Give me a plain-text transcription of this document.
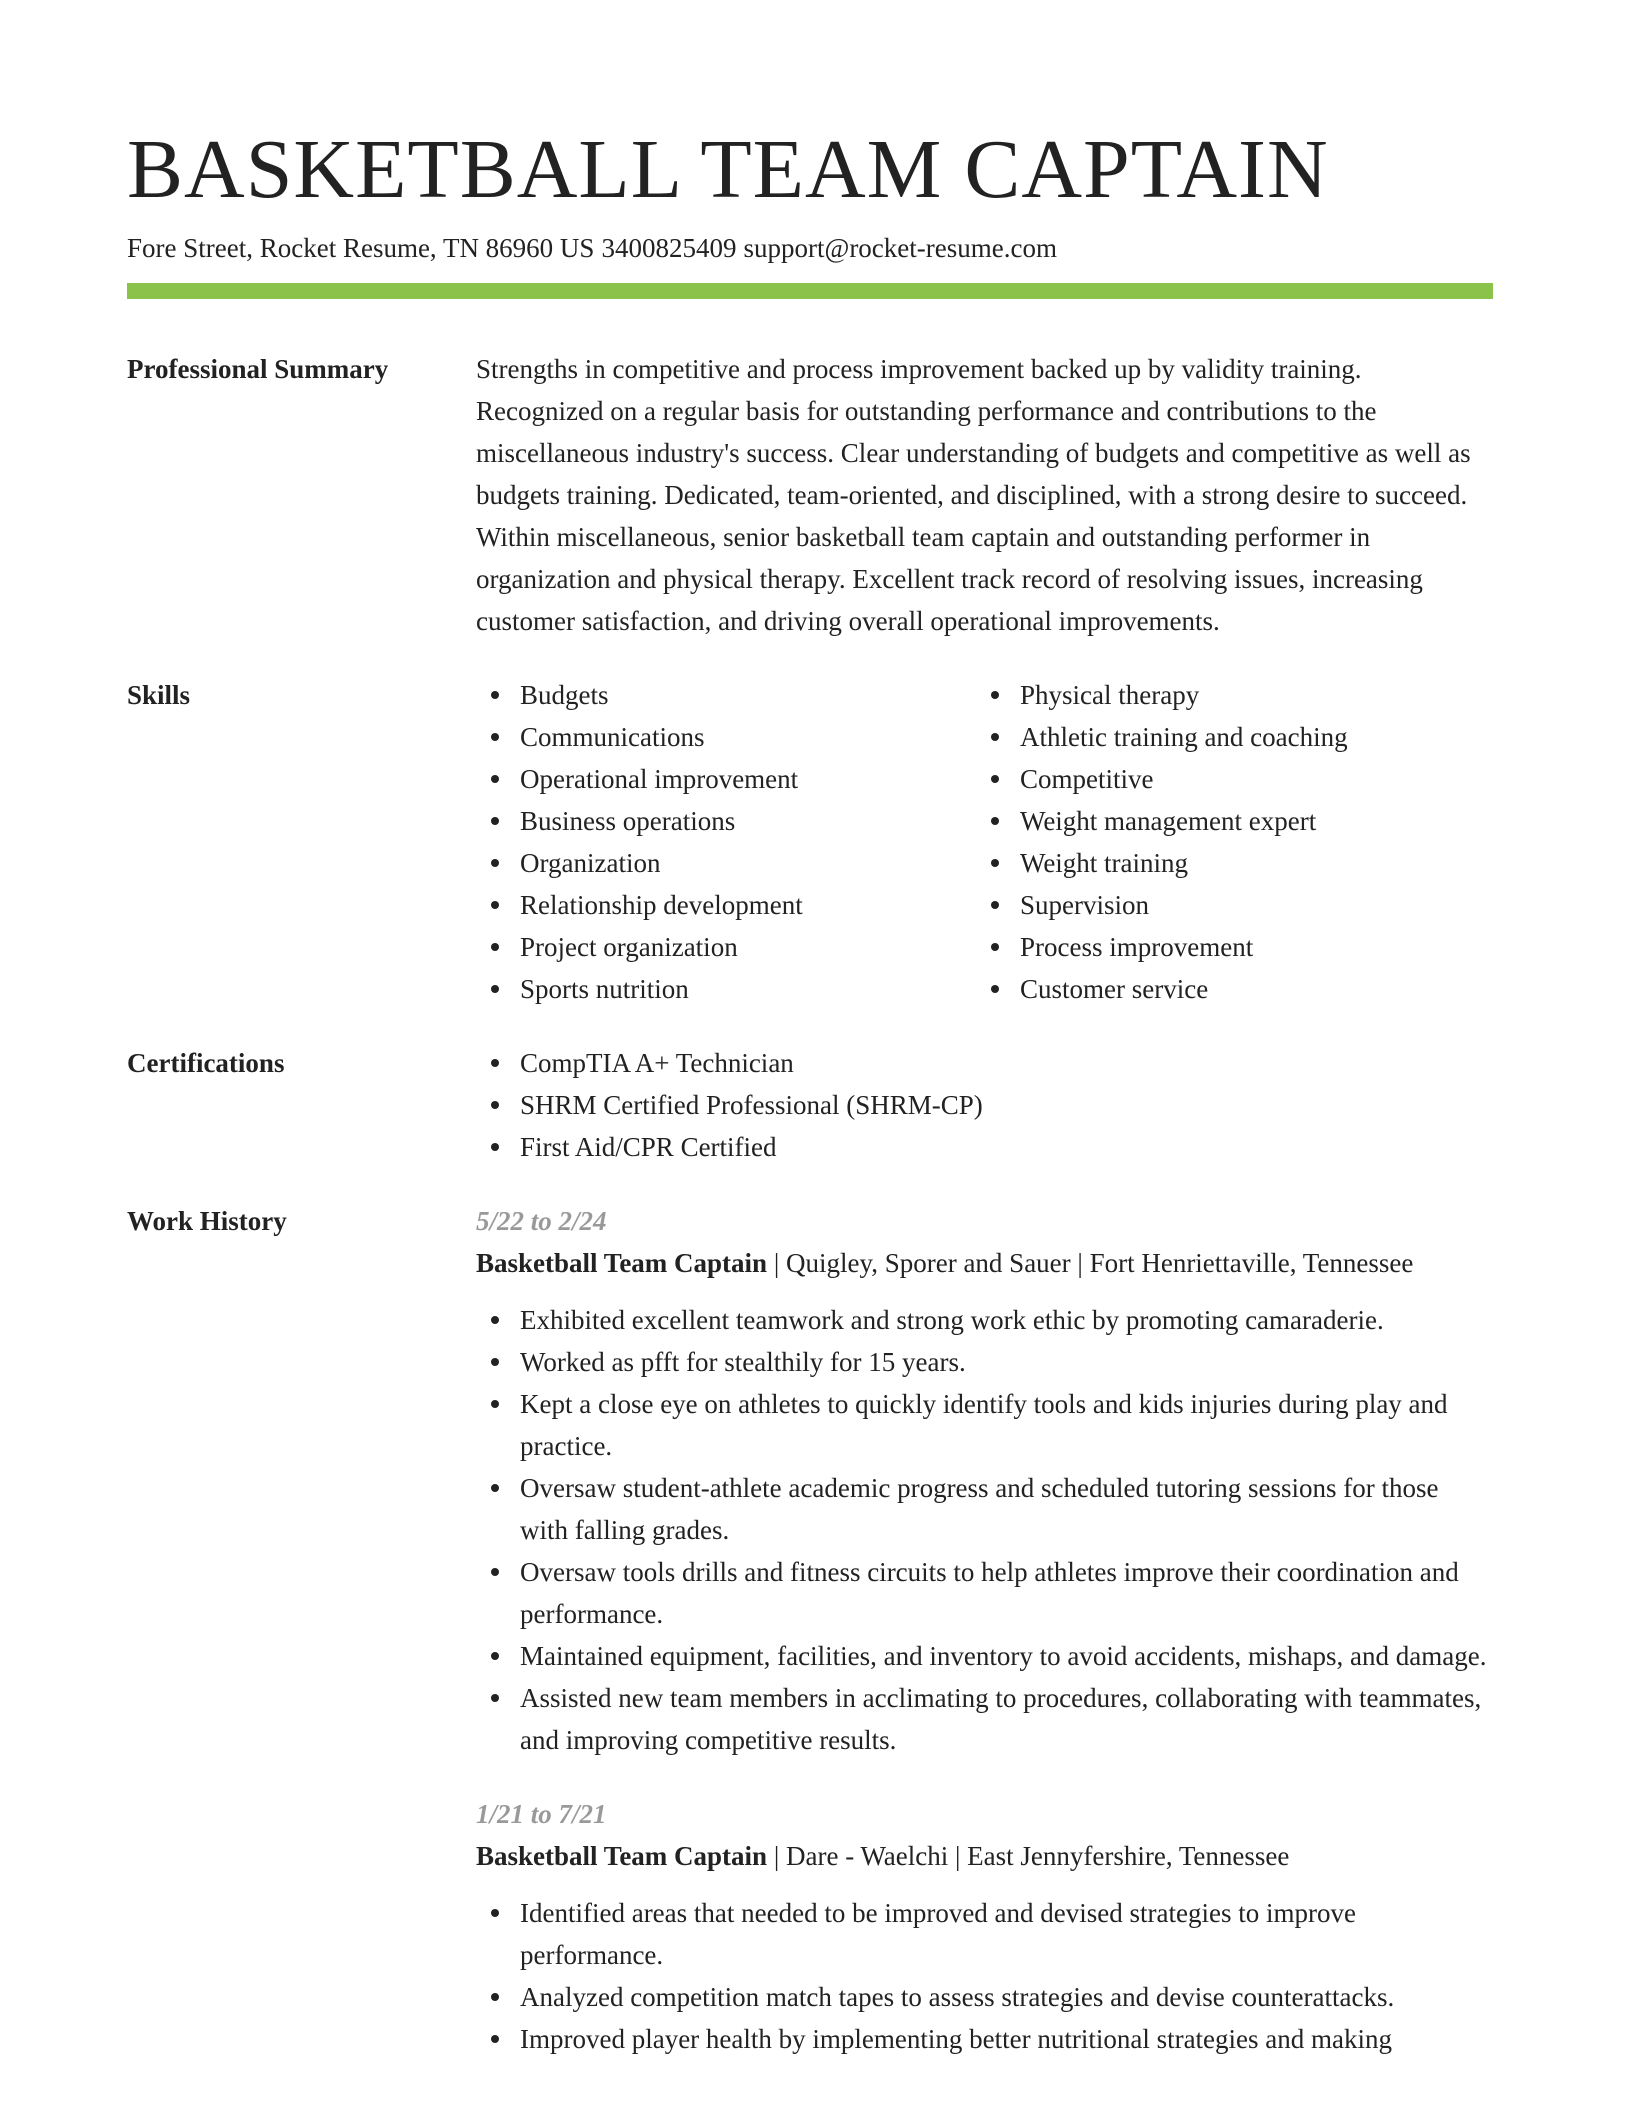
BASKETBALL TEAM CAPTAIN
Fore Street, Rocket Resume, TN 86960 US 3400825409 support@rocket-resume.com
Professional Summary	Strengths in competitive and process improvement backed up by validity training. Recognized on a regular basis for outstanding performance and contributions to the miscellaneous industry's success. Clear understanding of budgets and competitive as well as budgets training. Dedicated, team-oriented, and disciplined, with a strong desire to succeed. Within miscellaneous, senior basketball team captain and outstanding performer in organization and physical therapy. Excellent track record of resolving issues, increasing customer satisfaction, and driving overall operational improvements.

Skills	Budgets
Communications
Operational improvement
Business operations
Organization
Relationship development
Project organization
Sports nutrition
Physical therapy
Athletic training and coaching
Competitive
Weight management expert
Weight training
Supervision
Process improvement
Customer service
Certifications	CompTIA A+ Technician
SHRM Certified Professional (SHRM-CP)
First Aid/CPR Certified
Work History	5/22 to 2/24
Basketball Team Captain | Quigley, Sporer and Sauer | Fort Henriettaville, Tennessee
Exhibited excellent teamwork and strong work ethic by promoting camaraderie.
Worked as pfft for stealthily for 15 years.
Kept a close eye on athletes to quickly identify tools and kids injuries during play and practice.
Oversaw student-athlete academic progress and scheduled tutoring sessions for those with falling grades.
Oversaw tools drills and fitness circuits to help athletes improve their coordination and performance.
Maintained equipment, facilities, and inventory to avoid accidents, mishaps, and damage.
Assisted new team members in acclimating to procedures, collaborating with teammates, and improving competitive results.
1/21 to 7/21
Basketball Team Captain | Dare - Waelchi | East Jennyfershire, Tennessee
Identified areas that needed to be improved and devised strategies to improve performance.
Analyzed competition match tapes to assess strategies and devise counterattacks.
Improved player health by implementing better nutritional strategies and making
